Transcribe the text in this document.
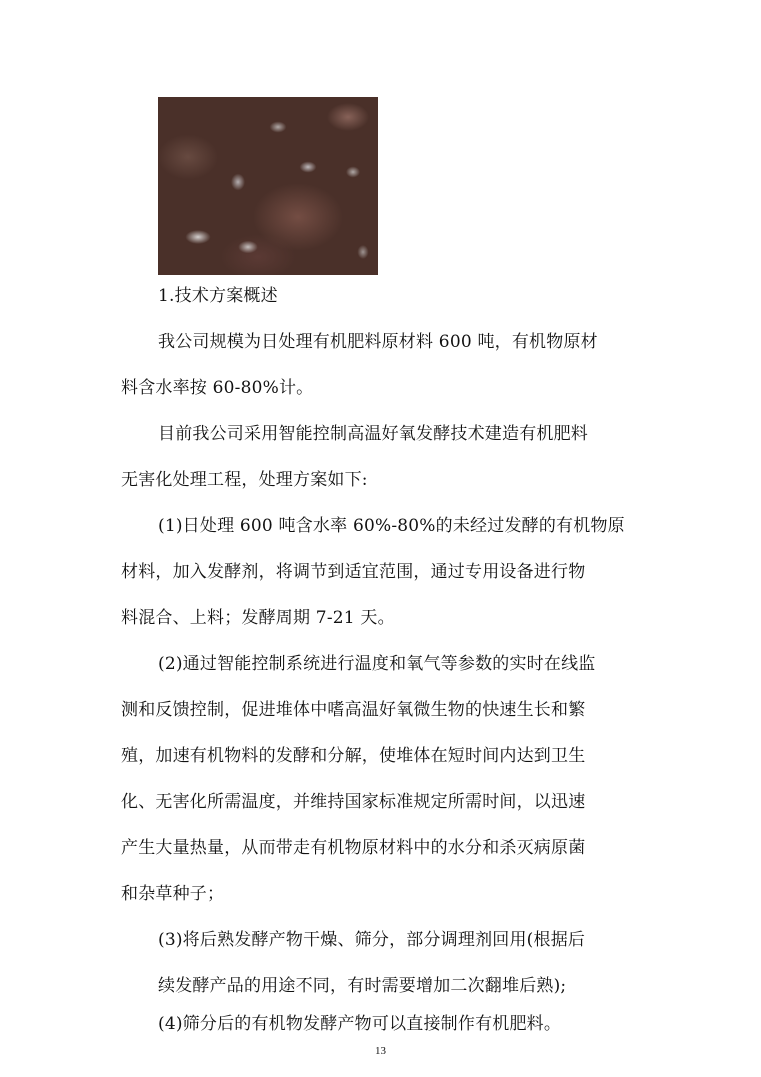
1.技术方案概述
我公司规模为日处理有机肥料原材料 600 吨，有机物原材
料含水率按 60-80%计。
目前我公司采用智能控制高温好氧发酵技术建造有机肥料
无害化处理工程，处理方案如下:
(1)日处理 600 吨含水率 60%-80%的未经过发酵的有机物原
材料，加入发酵剂，将调节到适宜范围，通过专用设备进行物
料混合、上料；发酵周期 7-21 天。
(2)通过智能控制系统进行温度和氧气等参数的实时在线监
测和反馈控制，促进堆体中嗜高温好氧微生物的快速生长和繁
殖，加速有机物料的发酵和分解，使堆体在短时间内达到卫生
化、无害化所需温度，并维持国家标准规定所需时间，以迅速
产生大量热量，从而带走有机物原材料中的水分和杀灭病原菌
和杂草种子；
(3)将后熟发酵产物干燥、筛分，部分调理剂回用(根据后
续发酵产品的用途不同，有时需要增加二次翻堆后熟);
(4)筛分后的有机物发酵产物可以直接制作有机肥料。
13
